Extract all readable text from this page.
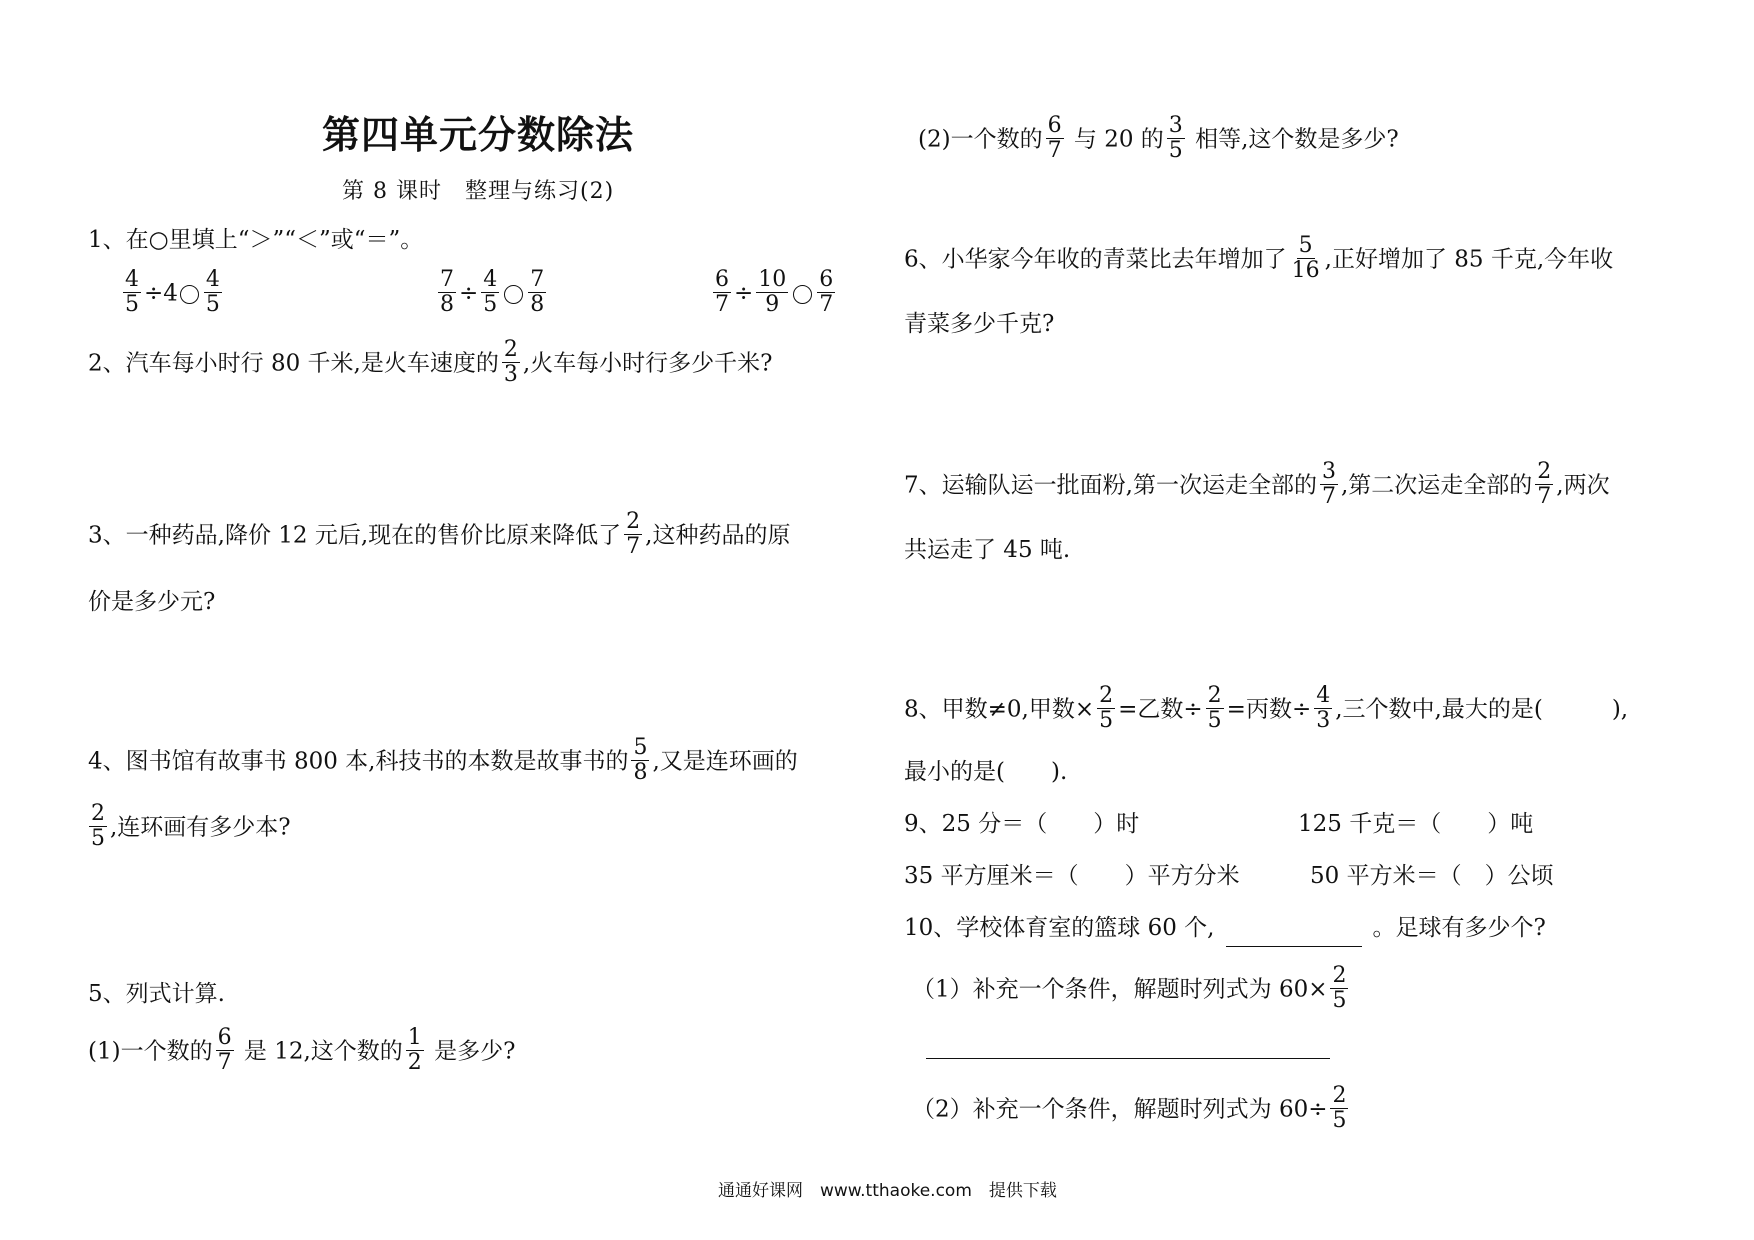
第四单元分数除法
第 8 课时　整理与练习(2)
1、在○里填上“＞”“＜”或“＝”。
$\frac{4}{5} \div 4 \frac{4}{5}$	$\frac{7}{8} \div \frac{4}{5} \frac{7}{8}$	$\frac{6}{7} \div \frac{10}{9} \frac{6}{7}$
2、汽车每小时行 80 千米,是火车速度的 $\frac{2}{3}$ ,火车每小时行多少千米?
3、一种药品,降价 12 元后,现在的售价比原来降低了 $\frac{2}{7}$ ,这种药品的原
价是多少元?
4、图书馆有故事书 800 本,科技书的本数是故事书的 $\frac{5}{8}$ ,又是连环画的
$\frac{2}{5}$ ,连环画有多少本?
5、列式计算.
(1)一个数的 $\frac{6}{7}$ 是 12,这个数的 $\frac{1}{2}$ 是多少?
(2)一个数的 $\frac{6}{7}$ 与 20 的 $\frac{3}{5}$ 相等,这个数是多少?
6、小华家今年收的青菜比去年增加了 $\frac{5}{16}$ ,正好增加了 85 千克,今年收
青菜多少千克?
7、运输队运一批面粉,第一次运走全部的 $\frac{3}{7}$ ,第二次运走全部的 $\frac{2}{7}$ ,两次
共运走了 45 吨.
8、甲数≠0,甲数× $\frac{2}{5}$ =乙数÷ $\frac{2}{5}$ =丙数÷ $\frac{4}{3}$ ,三个数中,最大的是(　　　),
最小的是(　　).
9、25 分＝（　　）时	125 千克＝（　　）吨
35 平方厘米＝（　　）平方分米	50 平方米＝（　）公顷
10、学校体育室的篮球 60 个,	。足球有多少个?
（1）补充一个条件，解题时列式为 $60\times \frac{2}{5}$
（2）补充一个条件，解题时列式为 $60\div \frac{2}{5}$
通通好课网　www.tthaoke.com　提供下载
